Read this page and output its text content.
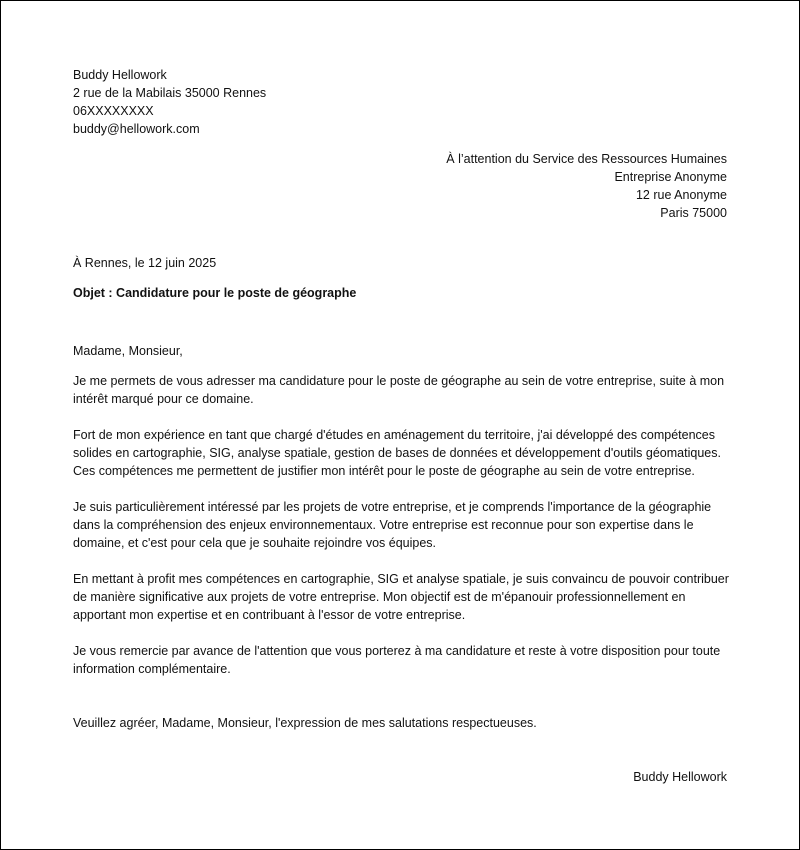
Buddy Hellowork
2 rue de la Mabilais 35000 Rennes
06XXXXXXXX
buddy@hellowork.com
À l’attention du Service des Ressources Humaines
Entreprise Anonyme
12 rue Anonyme
Paris 75000
À Rennes, le 12 juin 2025
Objet : Candidature pour le poste de géographe
Madame, Monsieur,

Je me permets de vous adresser ma candidature pour le poste de géographe au sein de votre entreprise, suite à mon intérêt marqué pour ce domaine.

Fort de mon expérience en tant que chargé d'études en aménagement du territoire, j'ai développé des compétences solides en cartographie, SIG, analyse spatiale, gestion de bases de données et développement d'outils géomatiques. Ces compétences me permettent de justifier mon intérêt pour le poste de géographe au sein de votre entreprise.

Je suis particulièrement intéressé par les projets de votre entreprise, et je comprends l'importance de la géographie dans la compréhension des enjeux environnementaux. Votre entreprise est reconnue pour son expertise dans le domaine, et c'est pour cela que je souhaite rejoindre vos équipes.

En mettant à profit mes compétences en cartographie, SIG et analyse spatiale, je suis convaincu de pouvoir contribuer de manière significative aux projets de votre entreprise. Mon objectif est de m'épanouir professionnellement en apportant mon expertise et en contribuant à l'essor de votre entreprise.

Je vous remercie par avance de l'attention que vous porterez à ma candidature et reste à votre disposition pour toute information complémentaire.

Veuillez agréer, Madame, Monsieur, l'expression de mes salutations respectueuses.
Buddy Hellowork
